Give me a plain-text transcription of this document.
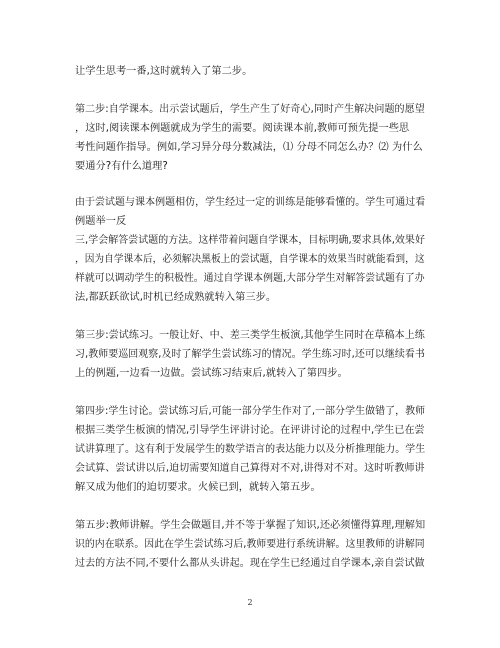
让学生思考一番,这时就转入了第二步。
第二步:自学课本。出示尝试题后，学生产生了好奇心,同时产生解决问题的愿望
，这时,阅读课本例题就成为学生的需要。阅读课本前,教师可预先提一些思
考性问题作指导。例如,学习异分母分数减法，⑴ 分母不同怎么办？⑵ 为什么
要通分?有什么道理?
由于尝试题与课本例题相仿，学生经过一定的训练是能够看懂的。学生可通过看
例题举一反
三,学会解答尝试题的方法。这样带着问题自学课本，目标明确,要求具体,效果好
，因为自学课本后，必须解决黑板上的尝试题，自学课本的效果当时就能看到，这
样就可以调动学生的积极性。通过自学课本例题,大部分学生对解答尝试题有了办
法,都跃跃欲试,时机已经成熟就转入第三步。
第三步:尝试练习。一般让好、中、差三类学生板演,其他学生同时在草稿本上练
习,教师要巡回观察,及时了解学生尝试练习的情况。学生练习时,还可以继续看书
上的例题,一边看一边做。尝试练习结束后,就转入了第四步。
第四步:学生讨论。尝试练习后,可能一部分学生作对了,一部分学生做错了，教师
根据三类学生板演的情况,引导学生评讲讨论。在评讲讨论的过程中,学生已在尝
试讲算理了。这有利于发展学生的数学语言的表达能力以及分析推理能力。学生
会试算、尝试讲以后,迫切需要知道自己算得对不对,讲得对不对。这时听教师讲
解又成为他们的迫切要求。火候已到，就转入第五步。
第五步:教师讲解。学生会做题目,并不等于掌握了知识,还必须懂得算理,理解知
识的内在联系。因此在学生尝试练习后,教师要进行系统讲解。这里教师的讲解同
过去的方法不同,不要什么都从头讲起。现在学生已经通过自学课本,亲自尝试做
2
